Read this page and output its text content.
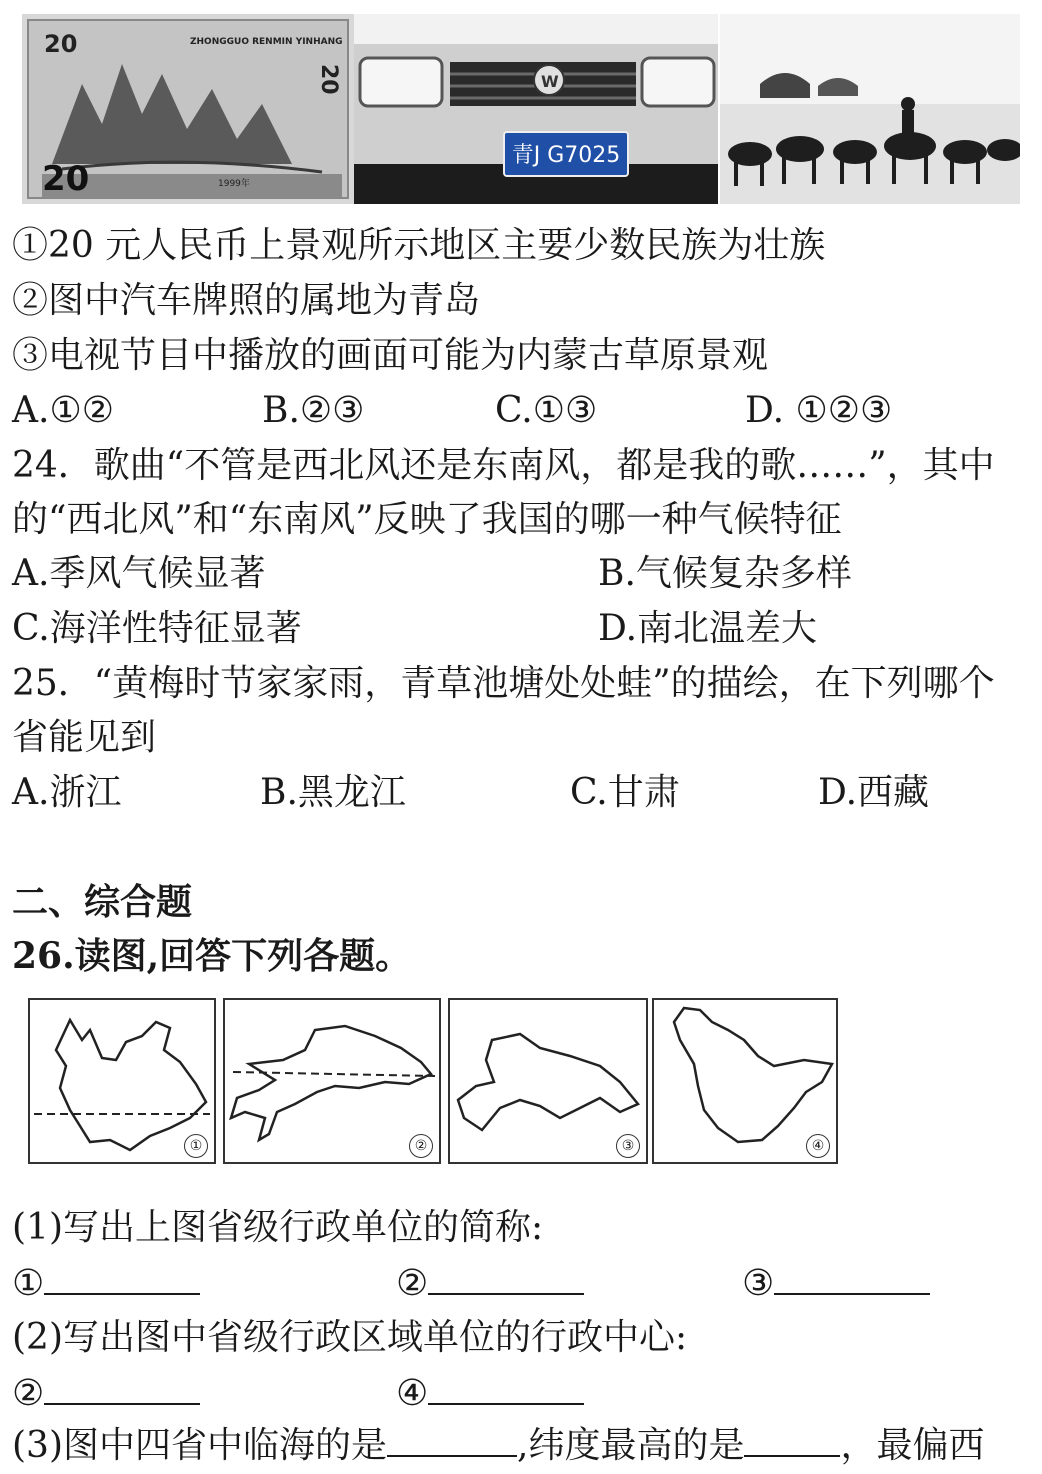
20
20
ZHONGGUO RENMIN YINHANG
1999年
20	W
青J G7025
①20 元人民币上景观所示地区主要少数民族为壮族
②图中汽车牌照的属地为青岛
③电视节目中播放的画面可能为内蒙古草原景观
A.①②	B.②③	C.①③	D. ①②③
24．歌曲“不管是西北风还是东南风，都是我的歌……”，其中
的“西北风”和“东南风”反映了我国的哪一种气候特征
A.季风气候显著	B.气候复杂多样
C.海洋性特征显著	D.南北温差大
25．“黄梅时节家家雨，青草池塘处处蛙”的描绘，在下列哪个
省能见到
A.浙江	B.黑龙江	C.甘肃	D.西藏
二、综合题
26.读图,回答下列各题。
①	②	③	④
(1)写出上图省级行政单位的简称:
①	②	③
(2)写出图中省级行政区域单位的行政中心:
②	④
(3)图中四省中临海的是	,纬度最高的是	，最偏西
